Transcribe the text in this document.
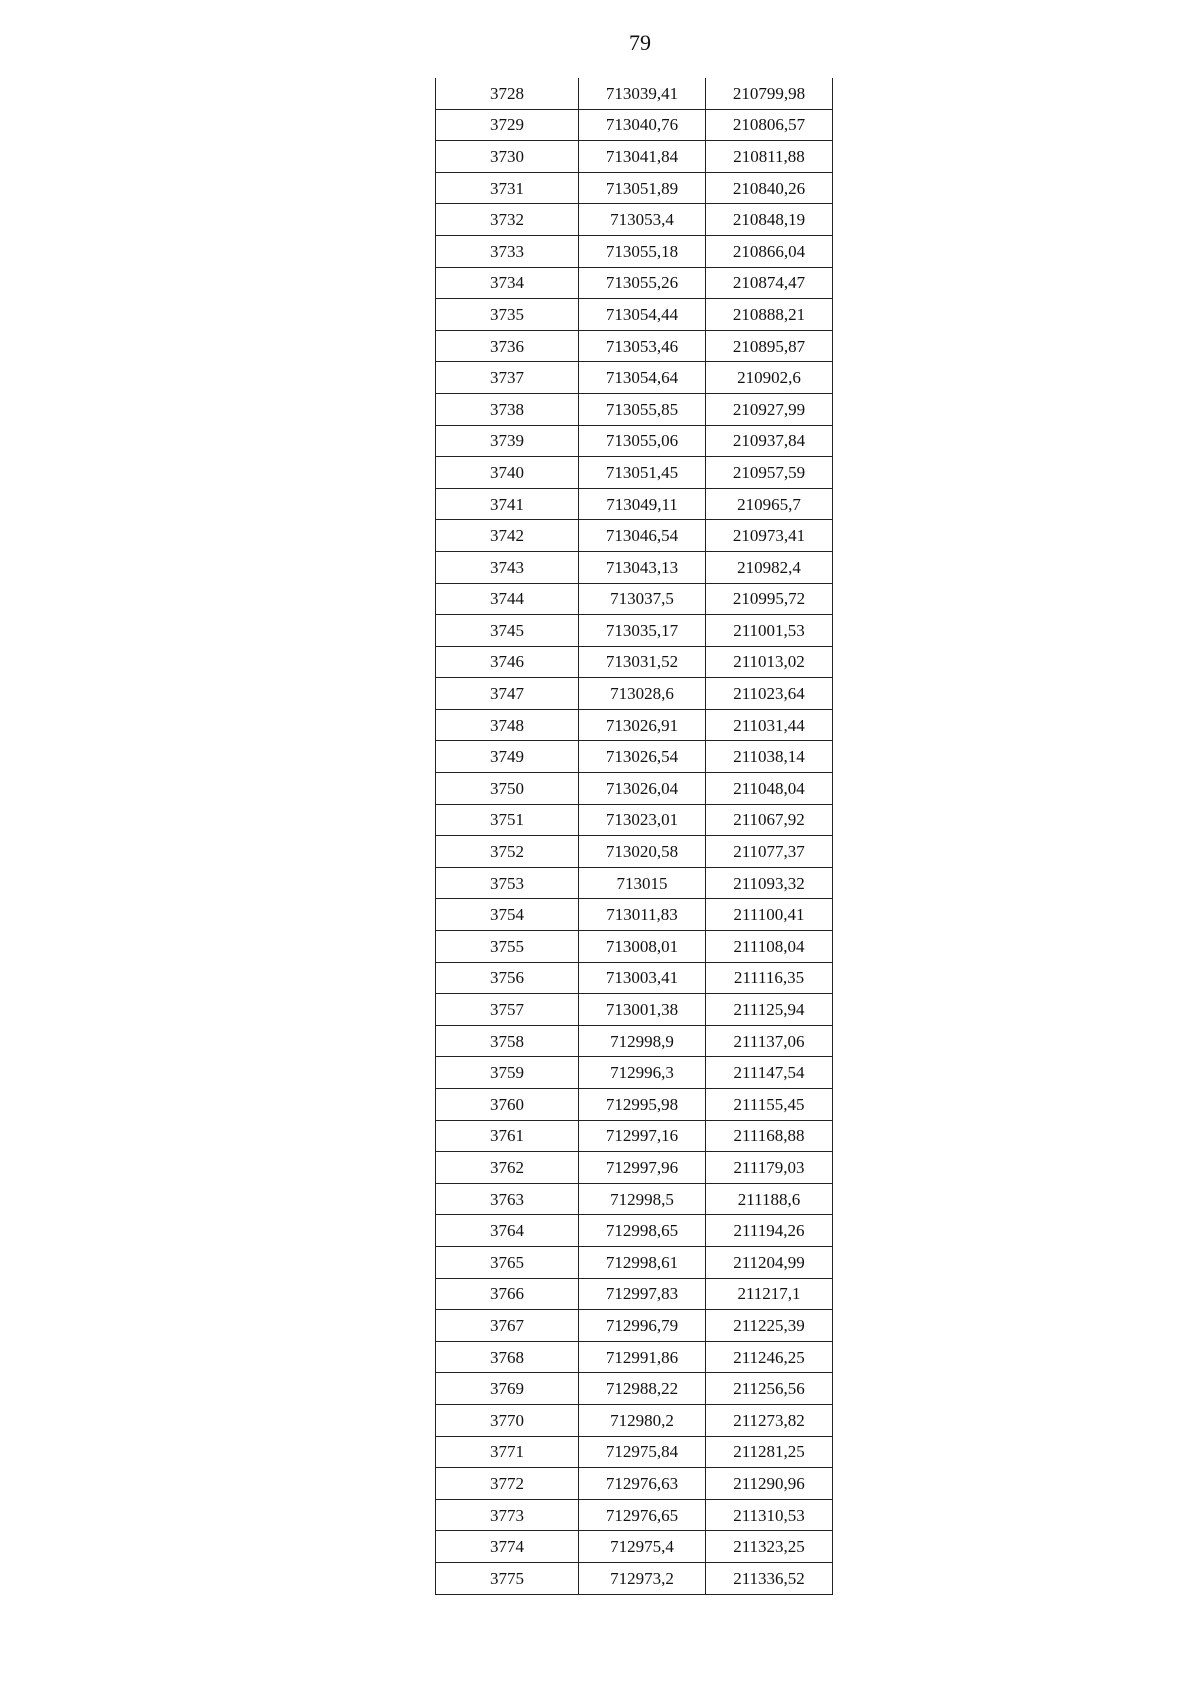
79
3728	713039,41	210799,98
3729	713040,76	210806,57
3730	713041,84	210811,88
3731	713051,89	210840,26
3732	713053,4	210848,19
3733	713055,18	210866,04
3734	713055,26	210874,47
3735	713054,44	210888,21
3736	713053,46	210895,87
3737	713054,64	210902,6
3738	713055,85	210927,99
3739	713055,06	210937,84
3740	713051,45	210957,59
3741	713049,11	210965,7
3742	713046,54	210973,41
3743	713043,13	210982,4
3744	713037,5	210995,72
3745	713035,17	211001,53
3746	713031,52	211013,02
3747	713028,6	211023,64
3748	713026,91	211031,44
3749	713026,54	211038,14
3750	713026,04	211048,04
3751	713023,01	211067,92
3752	713020,58	211077,37
3753	713015	211093,32
3754	713011,83	211100,41
3755	713008,01	211108,04
3756	713003,41	211116,35
3757	713001,38	211125,94
3758	712998,9	211137,06
3759	712996,3	211147,54
3760	712995,98	211155,45
3761	712997,16	211168,88
3762	712997,96	211179,03
3763	712998,5	211188,6
3764	712998,65	211194,26
3765	712998,61	211204,99
3766	712997,83	211217,1
3767	712996,79	211225,39
3768	712991,86	211246,25
3769	712988,22	211256,56
3770	712980,2	211273,82
3771	712975,84	211281,25
3772	712976,63	211290,96
3773	712976,65	211310,53
3774	712975,4	211323,25
3775	712973,2	211336,52
